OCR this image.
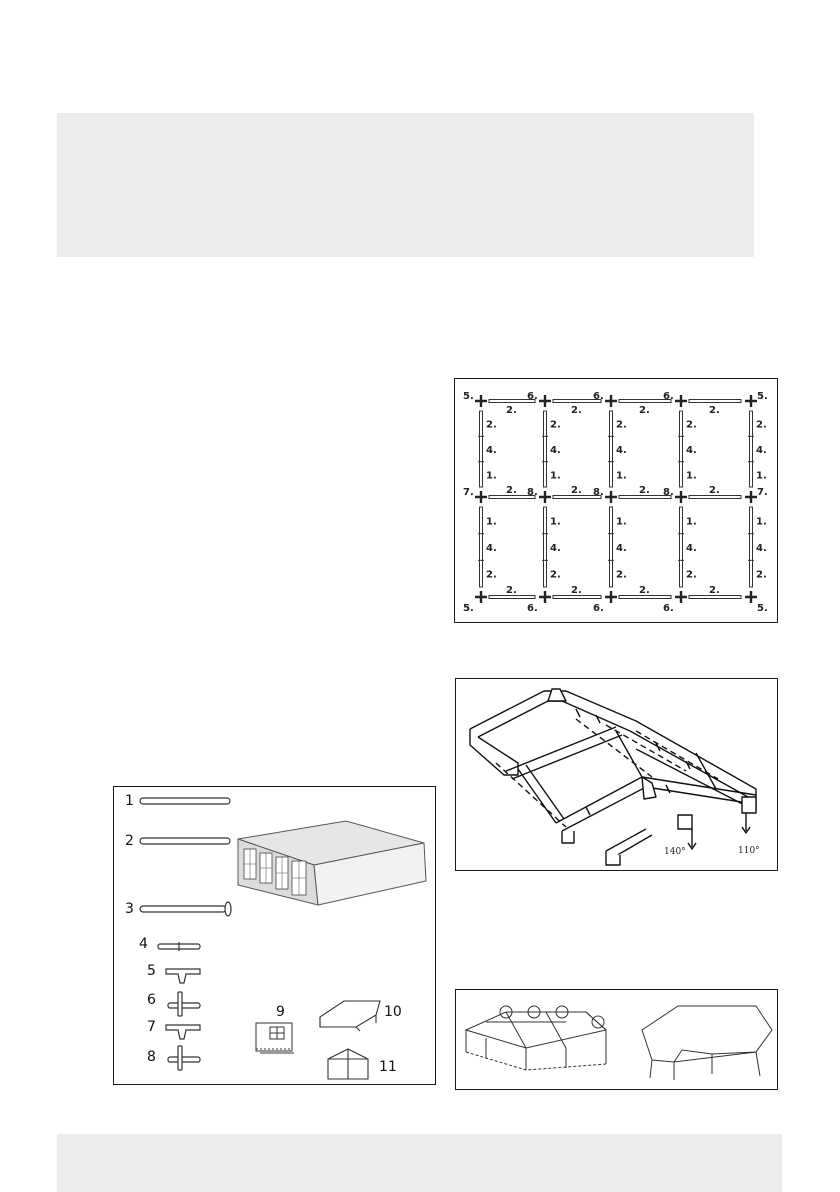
1
2
3
4
5
6
7
8
9	10
11
2.	2.	2.	2.
2.	2.	2.	2.
2.	2.	2.	2.
2.
4.
1.
2.
4.
1.
2.
4.
1.
2.
4.
1.
2.
4.
1.
1.
4.
2.
1.
4.
2.
1.
4.
2.
1.
4.
2.
1.
4.
2.
5.	6.	6.	6.	5.
7.	8.	8.	8.	7.
5.	6.	6.	6.	5.
140°	110°
